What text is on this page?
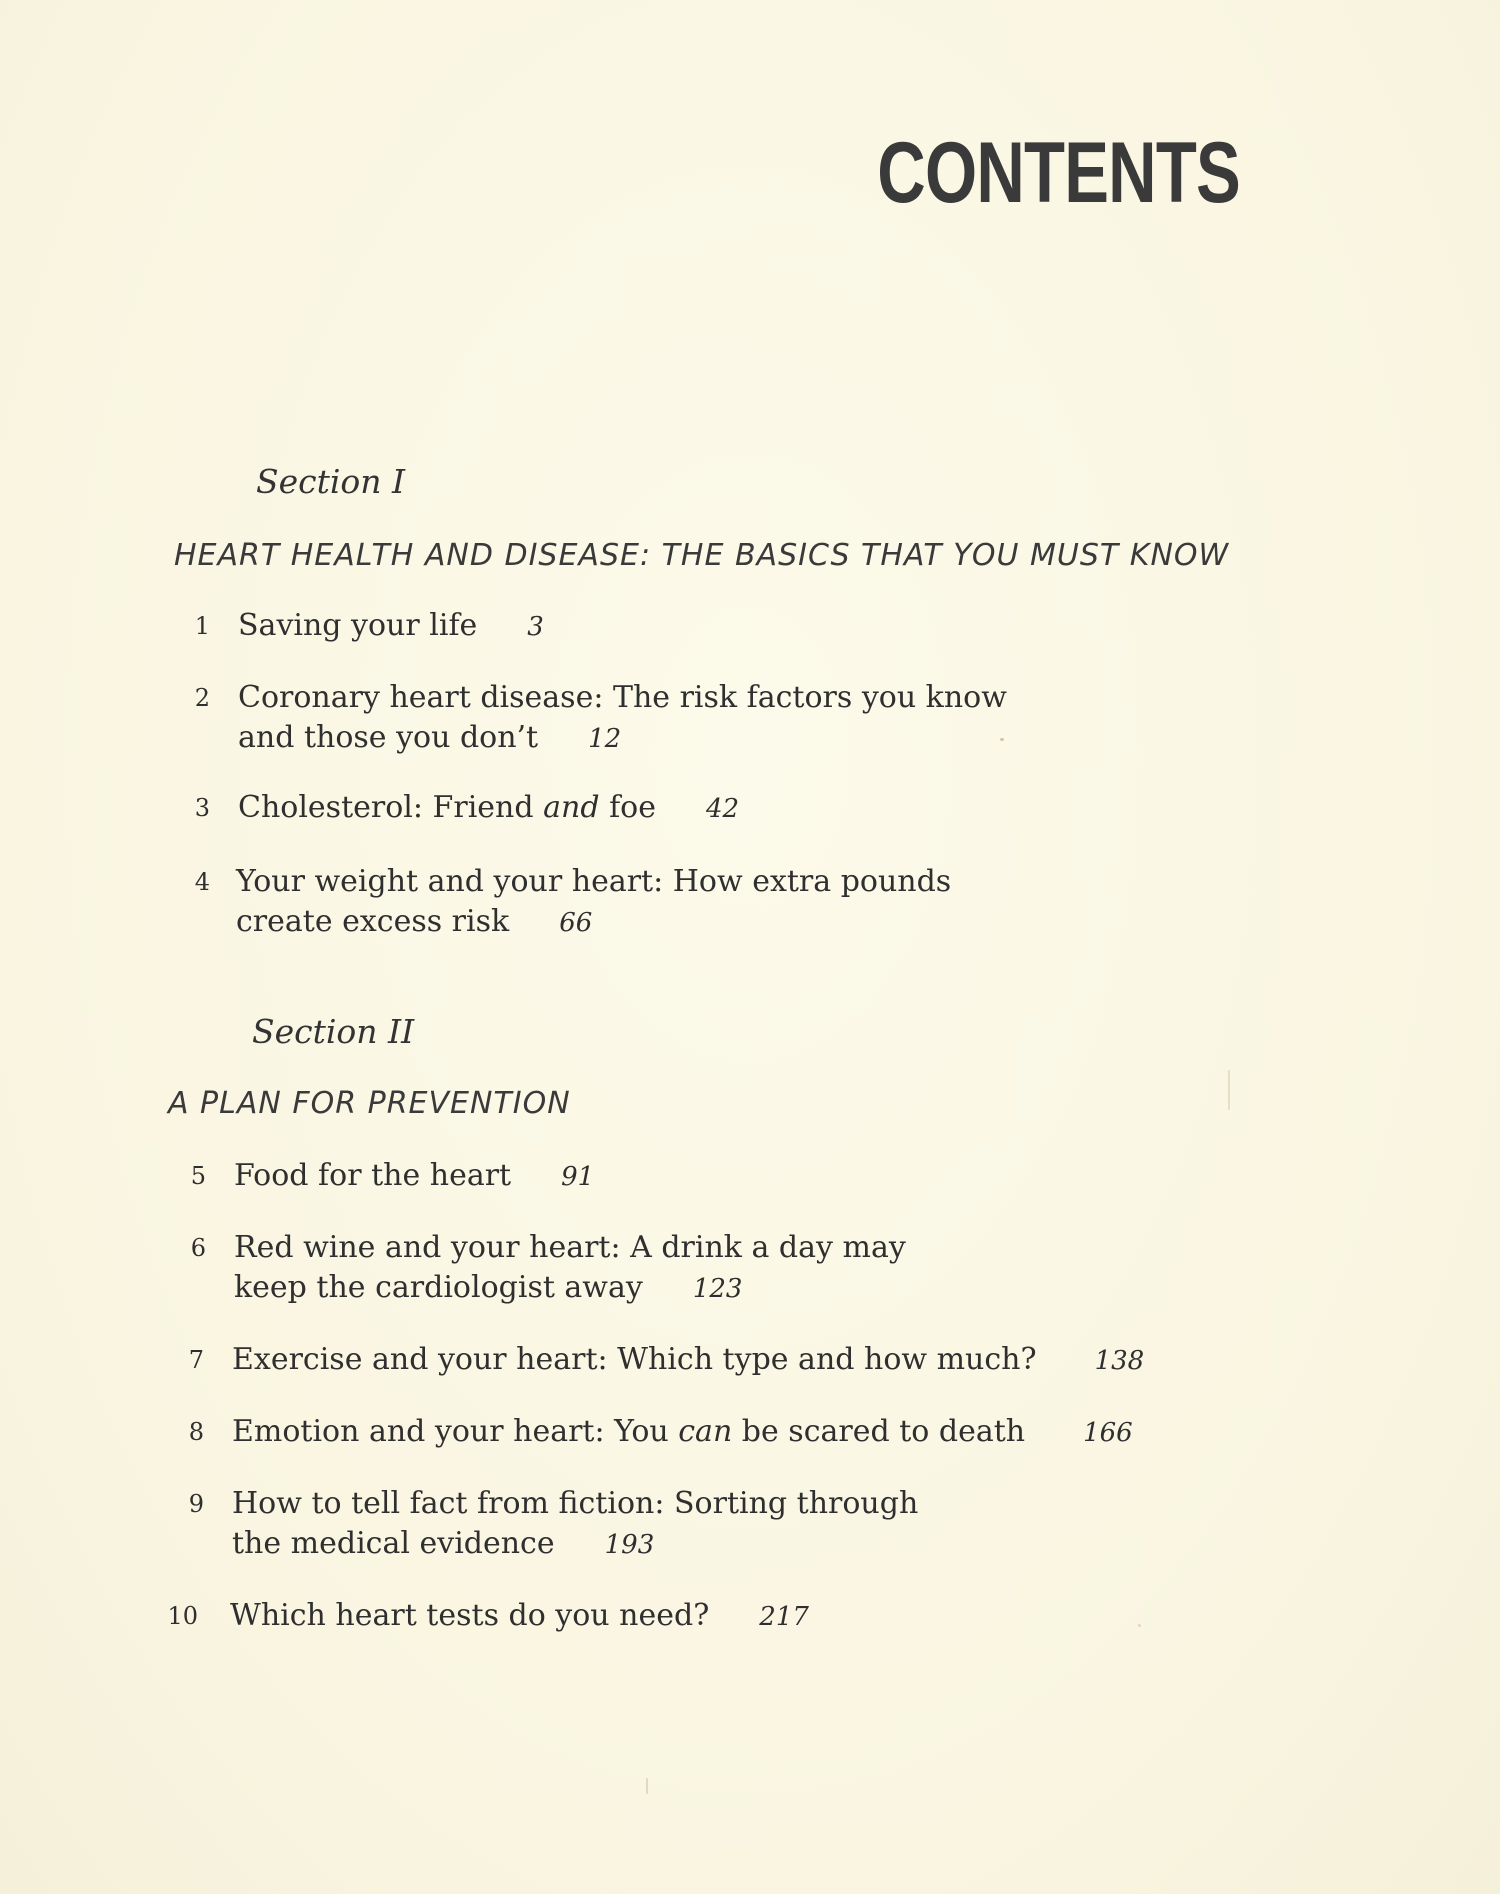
CONTENTS
Section I
HEART HEALTH AND DISEASE: THE BASICS THAT YOU MUST KNOW
1 Saving your life 3
2 Coronary heart disease: The risk factors you know
and those you don’t 12
3 Cholesterol: Friend and foe 42
4 Your weight and your heart: How extra pounds
create excess risk 66
Section II
A PLAN FOR PREVENTION
5 Food for the heart 91
6 Red wine and your heart: A drink a day may
keep the cardiologist away 123
7 Exercise and your heart: Which type and how much? 138
8 Emotion and your heart: You can be scared to death 166
9 How to tell fact from fiction: Sorting through
the medical evidence 193
10 Which heart tests do you need? 217
